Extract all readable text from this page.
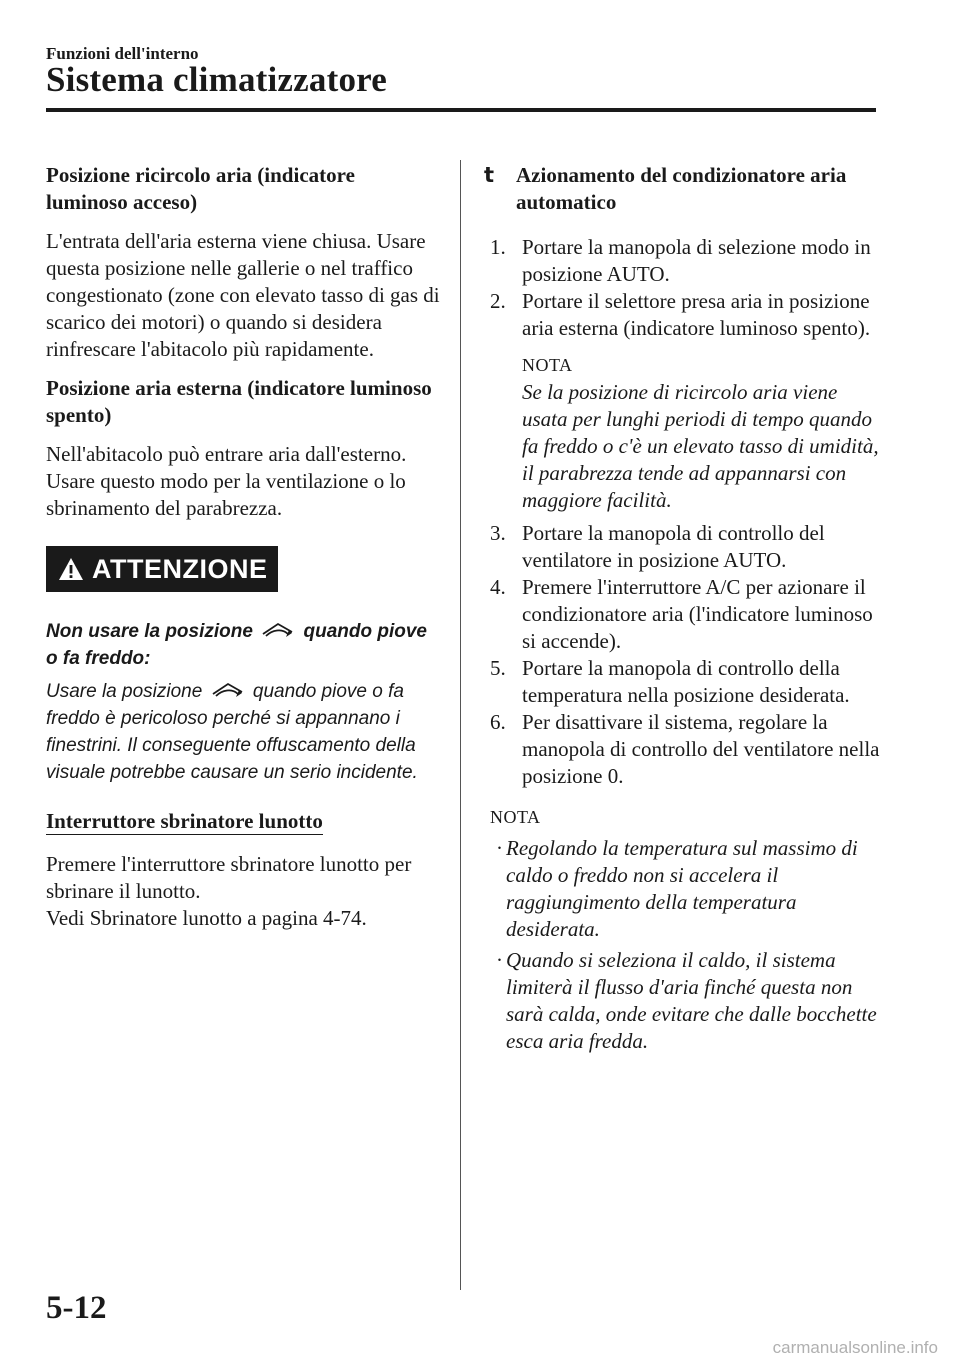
Funzioni dell'interno
Sistema climatizzatore
Posizione ricircolo aria (indicatore luminoso acceso)
L'entrata dell'aria esterna viene chiusa. Usare questa posizione nelle gallerie o nel traffico congestionato (zone con elevato tasso di gas di scarico dei motori) o quando si desidera rinfrescare l'abitacolo più rapidamente.
Posizione aria esterna (indicatore luminoso spento)
Nell'abitacolo può entrare aria dall'esterno. Usare questo modo per la ventilazione o lo sbrinamento del parabrezza.
ATTENZIONE
Non usare la posizione	quando piove o fa freddo:
Usare la posizione	quando piove o fa freddo è pericoloso perché si appannano i finestrini. Il conseguente offuscamento della visuale potrebbe causare un serio incidente.
Interruttore sbrinatore lunotto
Premere l'interruttore sbrinatore lunotto per sbrinare il lunotto.
Vedi Sbrinatore lunotto a pagina 4-74.
t Azionamento del condizionatore aria automatico
1. Portare la manopola di selezione modo in posizione AUTO.
2. Portare il selettore presa aria in posizione aria esterna (indicatore luminoso spento).
NOTA
Se la posizione di ricircolo aria viene usata per lunghi periodi di tempo quando fa freddo o c'è un elevato tasso di umidità, il parabrezza tende ad appannarsi con maggiore facilità.
3. Portare la manopola di controllo del ventilatore in posizione AUTO.
4. Premere l'interruttore A/C per azionare il condizionatore aria (l'indicatore luminoso si accende).
5. Portare la manopola di controllo della temperatura nella posizione desiderata.
6. Per disattivare il sistema, regolare la manopola di controllo del ventilatore nella posizione 0.
NOTA
· Regolando la temperatura sul massimo di caldo o freddo non si accelera il raggiungimento della temperatura desiderata.
· Quando si seleziona il caldo, il sistema limiterà il flusso d'aria finché questa non sarà calda, onde evitare che dalle bocchette esca aria fredda.
5-12
carmanualsonline.info
